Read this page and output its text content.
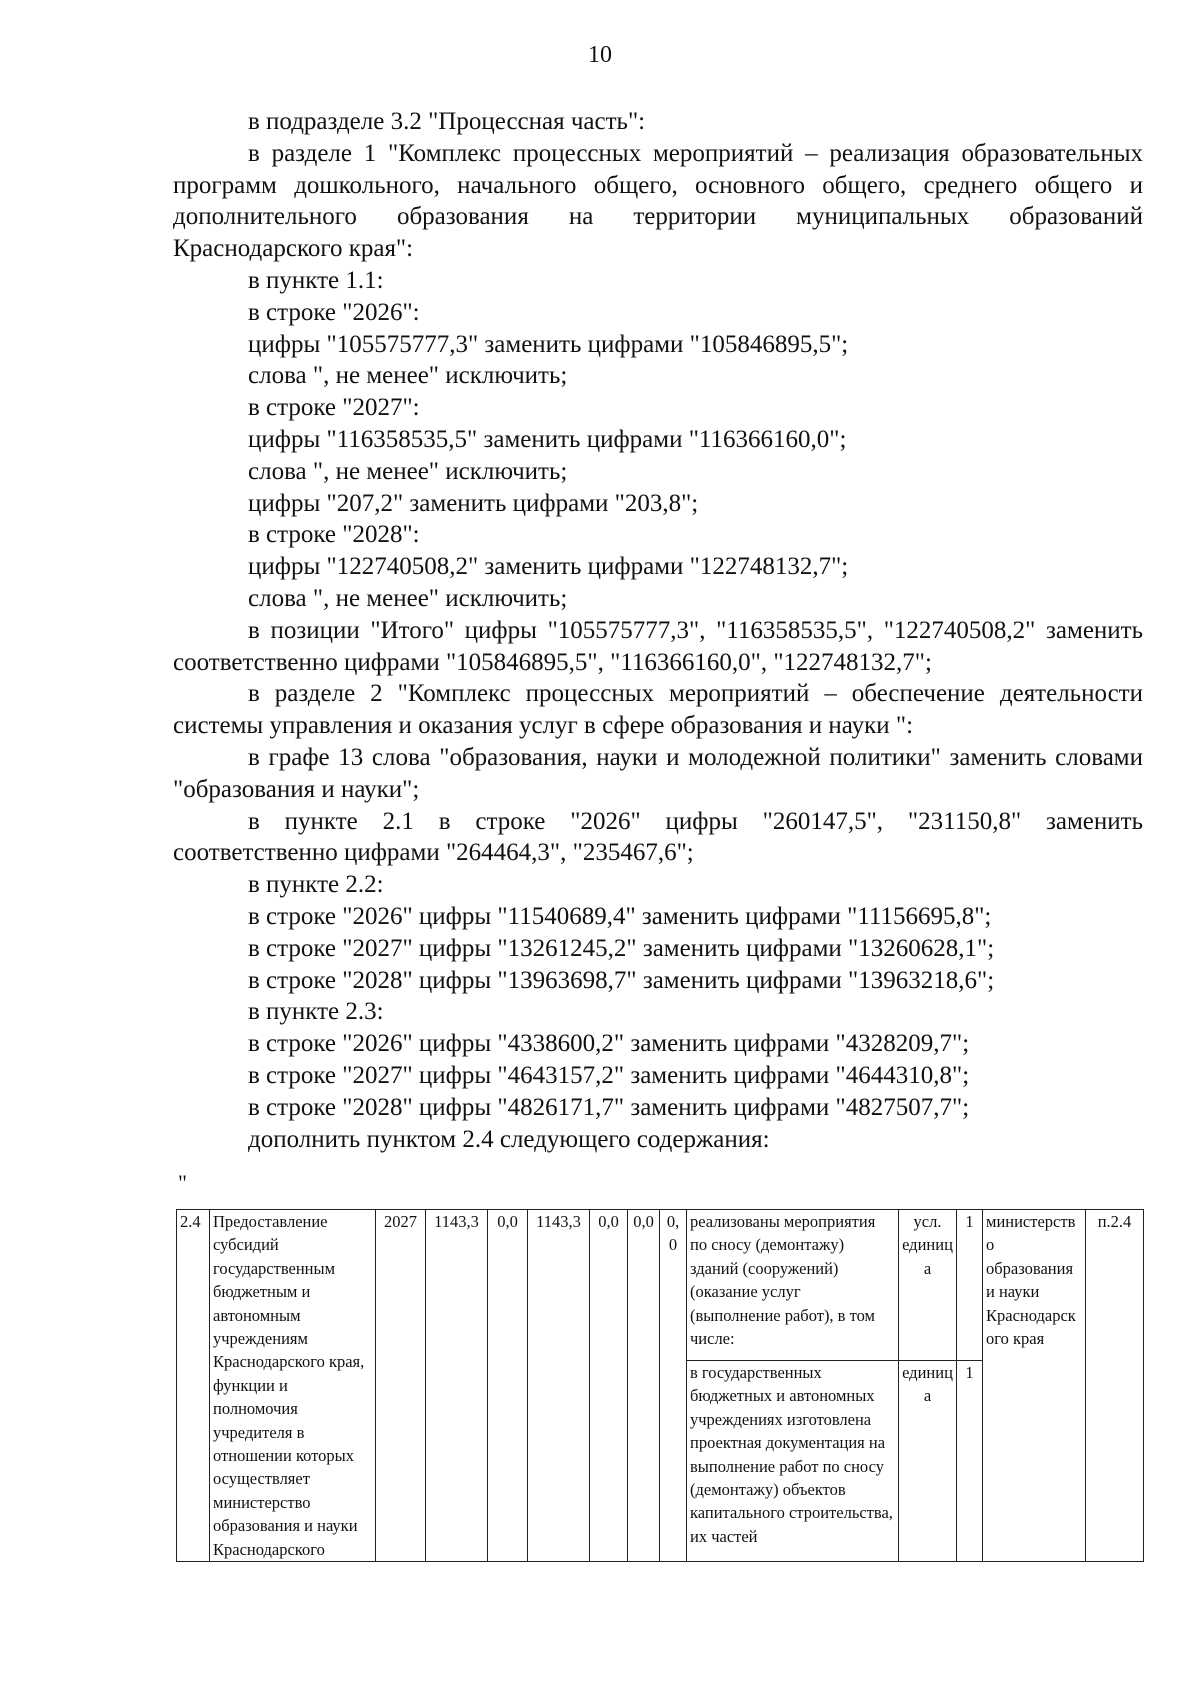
10

в подразделе 3.2 "Процессная часть":

в разделе 1 "Комплекс процессных мероприятий – реализация образовательных программ дошкольного, начального общего, основного общего, среднего общего и дополнительного образования на территории муниципальных образований Краснодарского края":

в пункте 1.1:

в строке "2026":

цифры "105575777,3" заменить цифрами "105846895,5";

слова ", не менее" исключить;

в строке "2027":

цифры "116358535,5" заменить цифрами "116366160,0";

слова ", не менее" исключить;

цифры "207,2" заменить цифрами "203,8";

в строке "2028":

цифры "122740508,2" заменить цифрами "122748132,7";

слова ", не менее" исключить;

в позиции "Итого" цифры "105575777,3", "116358535,5", "122740508,2" заменить соответственно цифрами "105846895,5", "116366160,0", "122748132,7";

в разделе 2 "Комплекс процессных мероприятий – обеспечение деятельности системы управления и оказания услуг в сфере образования и науки ":

в графе 13 слова "образования, науки и молодежной политики" заменить словами "образования и науки";

в пункте 2.1 в строке "2026" цифры "260147,5", "231150,8" заменить соответственно цифрами "264464,3", "235467,6";

в пункте 2.2:

в строке "2026" цифры "11540689,4" заменить цифрами "11156695,8";

в строке "2027" цифры "13261245,2" заменить цифрами "13260628,1";

в строке "2028" цифры "13963698,7" заменить цифрами "13963218,6";

в пункте 2.3:

в строке "2026" цифры "4338600,2" заменить цифрами "4328209,7";

в строке "2027" цифры "4643157,2" заменить цифрами "4644310,8";

в строке "2028" цифры "4826171,7" заменить цифрами "4827507,7";

дополнить пунктом 2.4 следующего содержания:

"
2.4	Предоставление субсидий государственным бюджетным и автономным учреждениям Краснодарского края, функции и полномочия учредителя в отношении которых осуществляет министерство образования и науки Краснодарского	2027	1143,3	0,0	1143,3	0,0	0,0	0,0	реализованы мероприятия по сносу (демонтажу) зданий (сооружений) (оказание услуг (выполнение работ), в том числе:	усл. единица	1	министерство образования и науки Краснодарского края	п.2.4
									в государственных бюджетных и автономных учреждениях изготовлена проектная документация на выполнение работ по сносу (демонтажу) объектов капитального строительства, их частей	единица	1		
